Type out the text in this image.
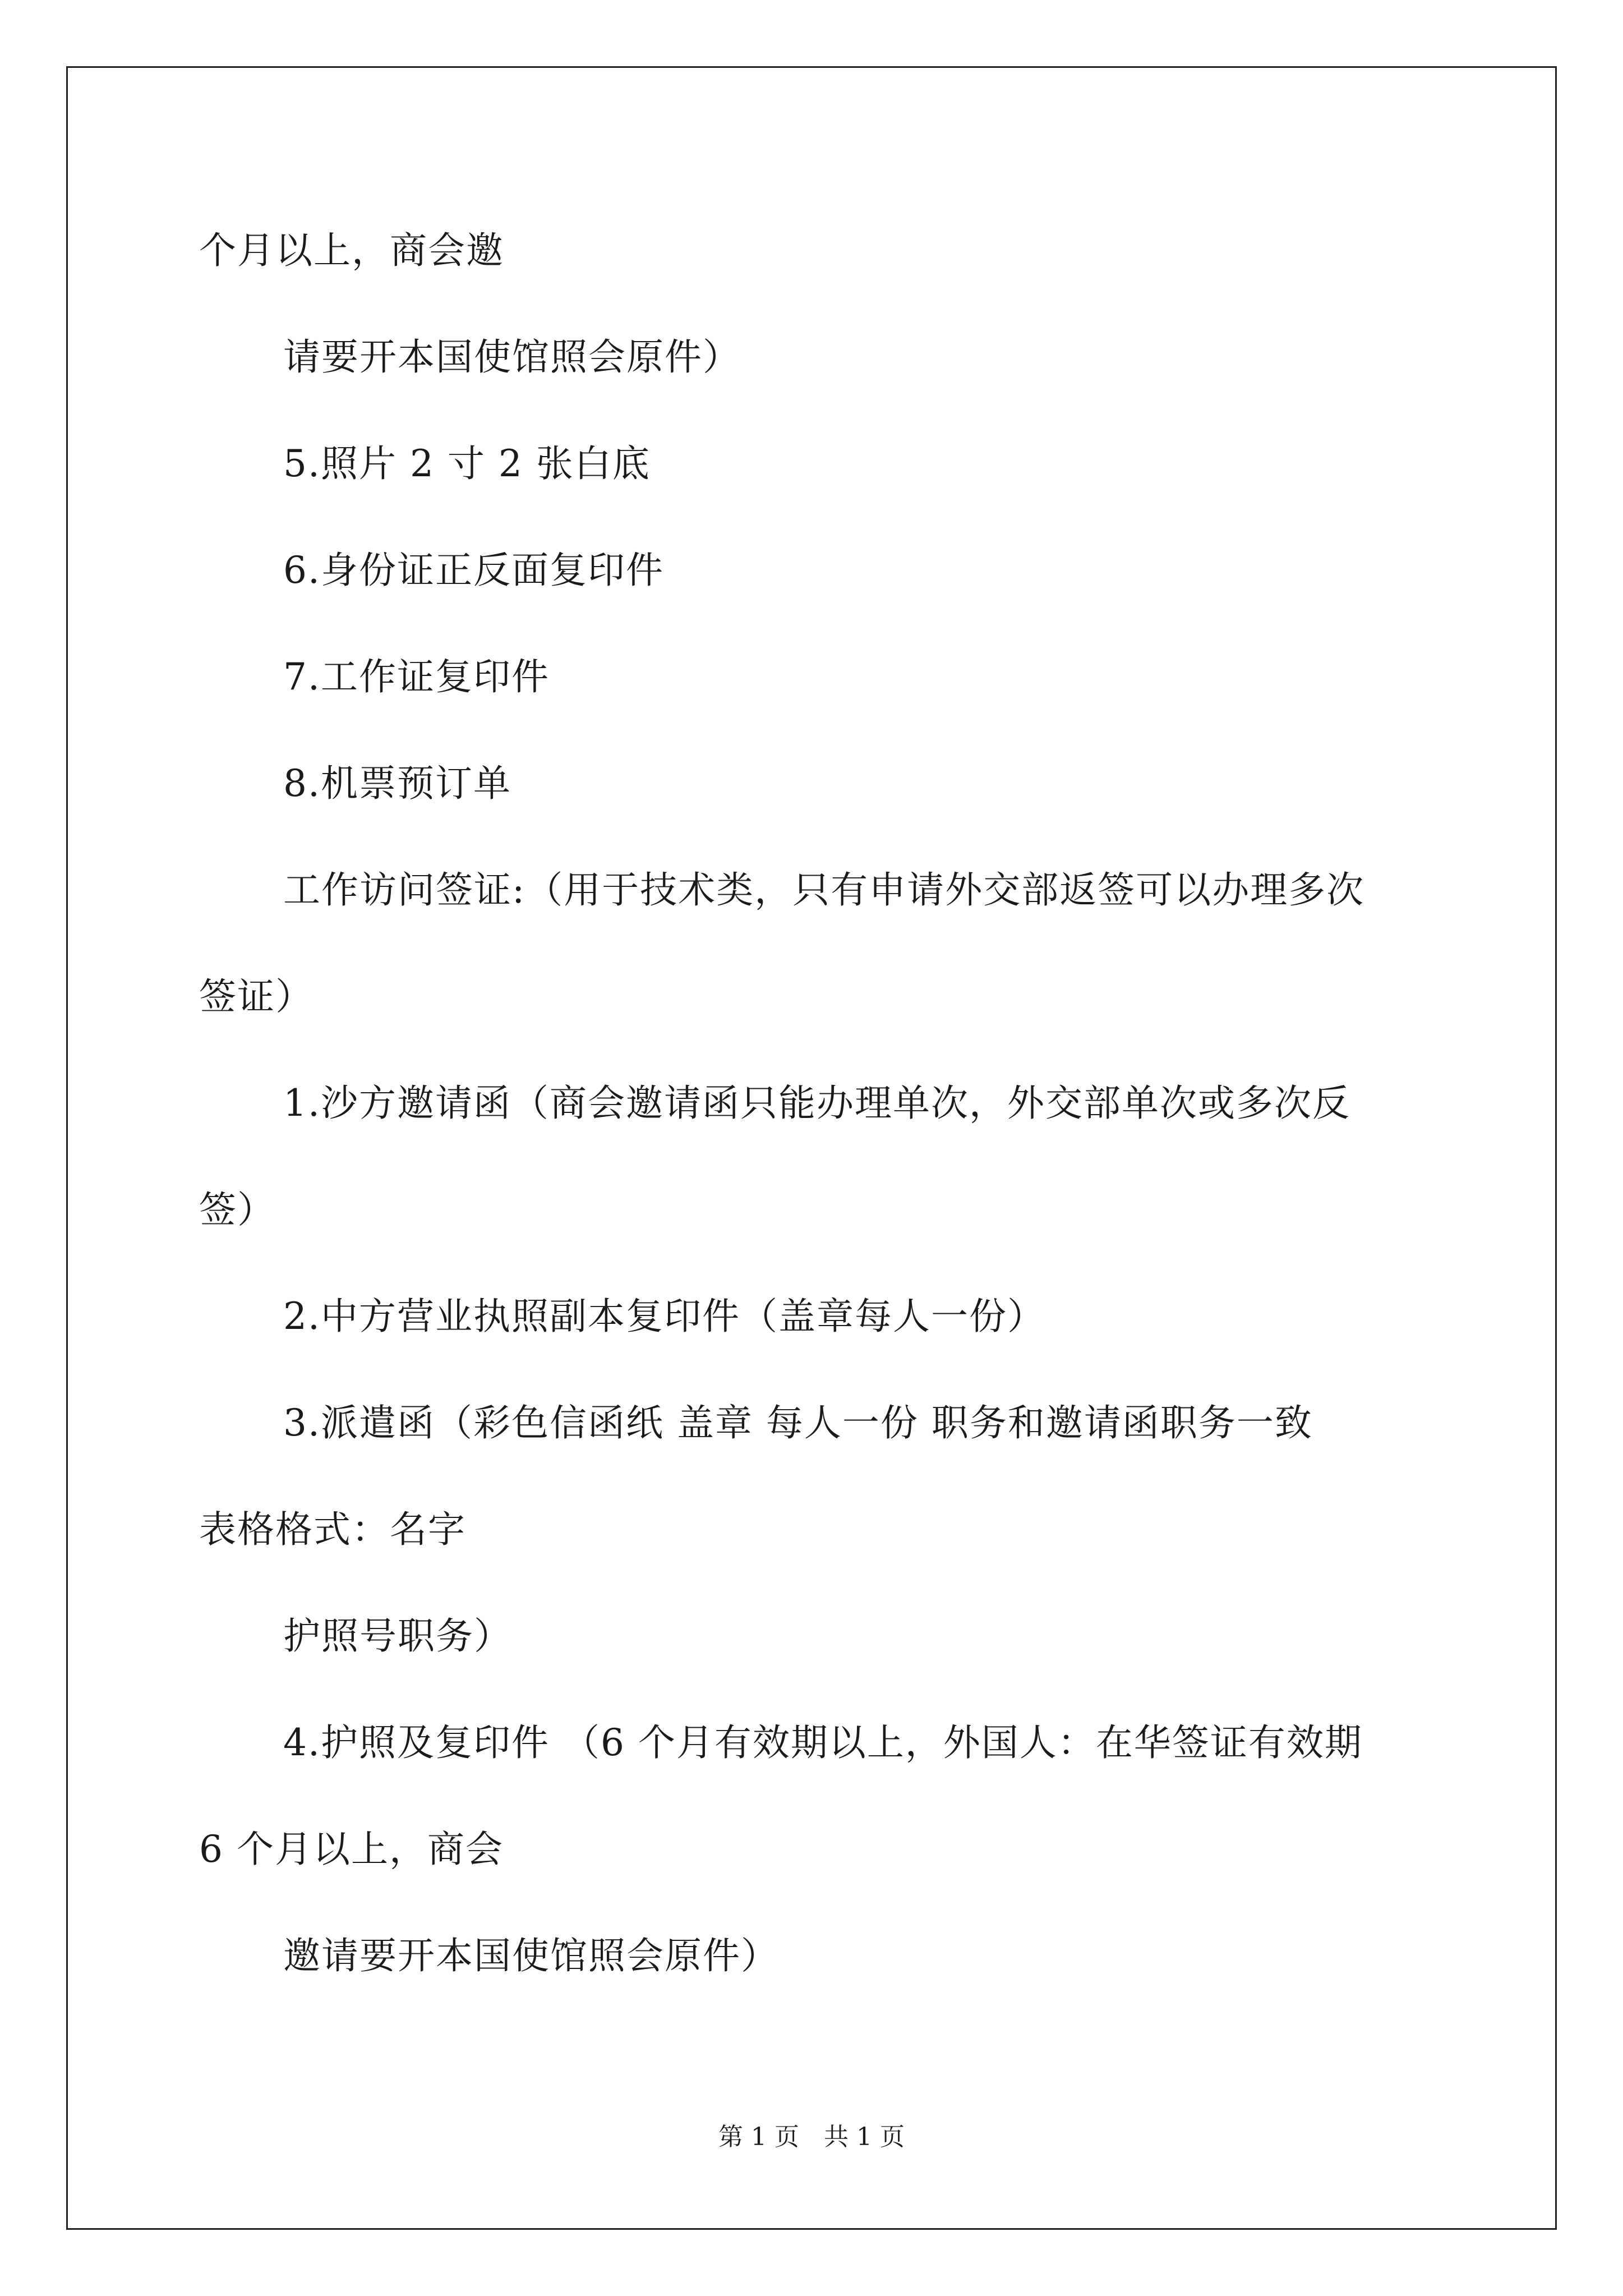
个月以上，商会邀
请要开本国使馆照会原件）
5.照片 2 寸 2 张白底
6.身份证正反面复印件
7.工作证复印件
8.机票预订单
工作访问签证:（用于技术类，只有申请外交部返签可以办理多次
签证）
1.沙方邀请函（商会邀请函只能办理单次，外交部单次或多次反
签）
2.中方营业执照副本复印件（盖章每人一份）
3.派遣函（彩色信函纸 盖章 每人一份 职务和邀请函职务一致
表格格式：名字
护照号职务）
4.护照及复印件 （6 个月有效期以上，外国人：在华签证有效期
6 个月以上，商会
邀请要开本国使馆照会原件）
第 1 页　共 1 页
